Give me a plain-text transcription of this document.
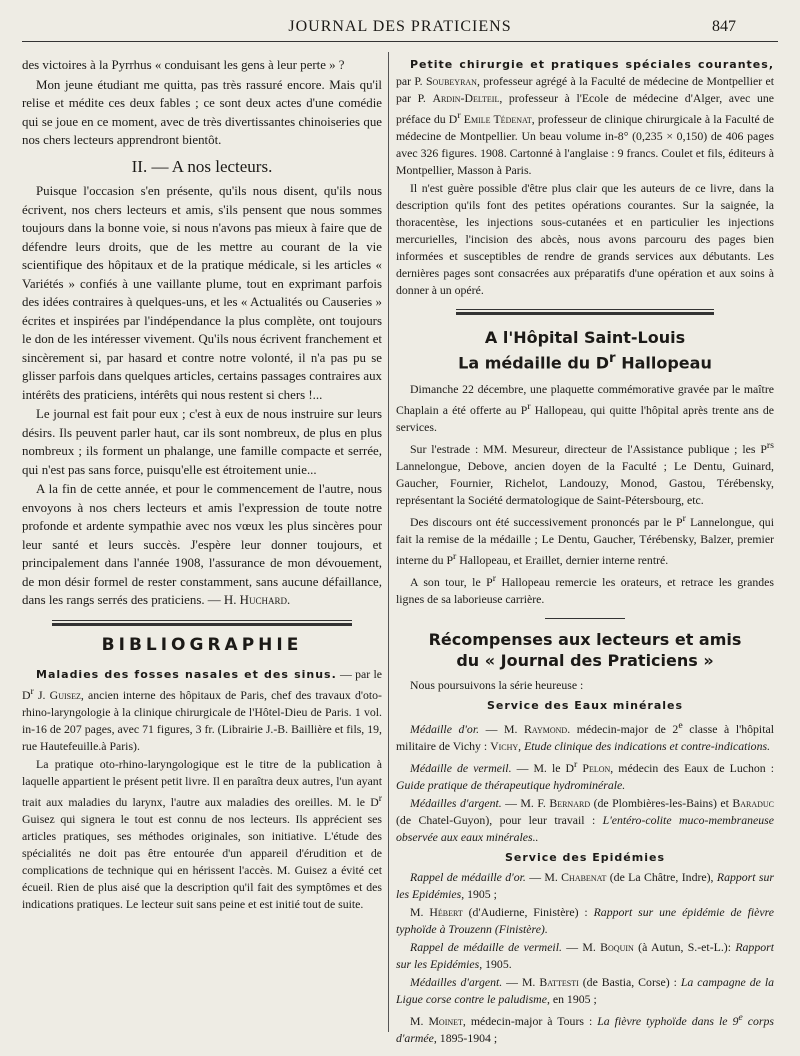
JOURNAL DES PRATICIENS	847

des victoires à la Pyrrhus « conduisant les gens à leur perte » ?

Mon jeune étudiant me quitta, pas très rassuré encore. Mais qu'il relise et médite ces deux fables ; ce sont deux actes d'une comédie qui se joue en ce moment, avec de très divertissantes chinoiseries que nos chers lecteurs apprendront bientôt.

II. — A nos lecteurs.

Puisque l'occasion s'en présente, qu'ils nous disent, qu'ils nous écrivent, nos chers lecteurs et amis, s'ils pensent que nous sommes toujours dans la bonne voie, si nous n'avons pas mieux à faire que de défendre leurs droits, que de les mettre au courant de la vie scientifique des hôpitaux et de la pratique médicale, si les articles « Variétés » confiés à une vaillante plume, tout en exprimant parfois des idées contraires à quelques-uns, et les « Actualités ou Causeries » écrites et inspirées par l'indépendance la plus complète, ont toujours le don de les intéresser vivement. Qu'ils nous écrivent franchement et sincèrement si, par hasard et contre notre volonté, il n'a pas pu se glisser parfois dans quelques articles, certains passages contraires aux intérêts des praticiens, intérêts qui nous restent si chers !...

Le journal est fait pour eux ; c'est à eux de nous instruire sur leurs désirs. Ils peuvent parler haut, car ils sont nombreux, de plus en plus nombreux ; ils forment un phalange, une famille compacte et serrée, qui n'est pas sans force, puisqu'elle est étroitement unie...

A la fin de cette année, et pour le commencement de l'autre, nous envoyons à nos chers lecteurs et amis l'expression de toute notre profonde et ardente sympathie avec nos vœux les plus sincères pour leur santé et leurs succès. J'espère leur donner toujours, et principalement dans l'année 1908, l'assurance de mon dévouement, de mon désir formel de rester constamment, sans aucune défaillance, dans les rangs serrés des praticiens. — H. Huchard.

BIBLIOGRAPHIE

Maladies des fosses nasales et des sinus. — par le $D^r$ J. Guisez, ancien interne des hôpitaux de Paris, chef des travaux d'oto-rhino-laryngologie à la clinique chirurgicale de l'Hôtel-Dieu de Paris. 1 vol. in-16 de 207 pages, avec 71 figures, 3 fr. (Librairie J.-B. Baillière et fils, 19, rue Hautefeuille.à Paris).

La pratique oto-rhino-laryngologique est le titre de la publication à laquelle appartient le présent petit livre. Il en paraîtra deux autres, l'un ayant trait aux maladies du larynx, l'autre aux maladies des oreilles. M. le $D^r$ Guisez qui signera le tout est connu de nos lecteurs. Ils apprécient ses articles pratiques, ses méthodes originales, son initiative. L'étude des spécialités ne doit pas être entourée d'un appareil d'érudition et de complications de technique qui en hérissent l'accès. M. Guisez a évité cet écueil. Rien de plus aisé que la description qu'il fait des symptômes et des indications pratiques. Le lecteur suit sans peine et est initié tout de suite.

Petite chirurgie et pratiques spéciales courantes, par P. Soubeyran, professeur agrégé à la Faculté de médecine de Montpellier et par P. Ardin-Delteil, professeur à l'Ecole de médecine d'Alger, avec une préface du $D^r$ Emile Tédenat, professeur de clinique chirurgicale à la Faculté de médecine de Montpellier. Un beau volume in-8° (0,235 × 0,150) de 406 pages avec 326 figures. 1908. Cartonné à l'anglaise : 9 francs. Coulet et fils, éditeurs à Montpellier, Masson à Paris.

Il n'est guère possible d'être plus clair que les auteurs de ce livre, dans la description qu'ils font des petites opérations courantes. Sur la saignée, la thoracentèse, les injections sous-cutanées et en particulier les injections mercurielles, l'incision des abcès, nous avons parcouru des pages bien informées et susceptibles de rendre de grands services aux débutants. Les dernières pages sont consacrées aux préparatifs d'une opération et aux soins à donner à un opéré.

A l'Hôpital Saint-Louis
La médaille du $D^r$ Hallopeau

Dimanche 22 décembre, une plaquette commémorative gravée par le maître Chaplain a été offerte au $P^r$ Hallopeau, qui quitte l'hôpital après trente ans de services.

Sur l'estrade : MM. Mesureur, directeur de l'Assistance publique ; les $P^{rs}$ Lannelongue, Debove, ancien doyen de la Faculté ; Le Dentu, Guinard, Gaucher, Fournier, Richelot, Landouzy, Monod, Gastou, Térébensky, représentant la Société dermatologique de Saint-Pétersbourg, etc.

Des discours ont été successivement prononcés par le $P^r$ Lannelongue, qui fait la remise de la médaille ; Le Dentu, Gaucher, Térébensky, Balzer, premier interne du $P^r$ Hallopeau, et Eraillet, dernier interne rentré.

A son tour, le $P^r$ Hallopeau remercie les orateurs, et retrace les grandes lignes de sa laborieuse carrière.

Récompenses aux lecteurs et amis
du « Journal des Praticiens »

Nous poursuivons la série heureuse :

Service des Eaux minérales

Médaille d'or. — M. Raymond. médecin-major de 2e classe à l'hôpital militaire de Vichy : Vichy, Etude clinique des indications et contre-indications.

Médaille de vermeil. — M. le $D^r$ Pelon, médecin des Eaux de Luchon : Guide pratique de thérapeutique hydrominérale.

Médailles d'argent. — M. F. Bernard (de Plombières-les-Bains) et Baraduc (de Chatel-Guyon), pour leur travail : L'entéro-colite muco-membraneuse observée aux eaux minérales..

Service des Epidémies

Rappel de médaille d'or. — M. Chabenat (de La Châtre, Indre), Rapport sur les Epidémies, 1905 ;

M. Hébert (d'Audierne, Finistère) : Rapport sur une épidémie de fièvre typhoïde à Trouzenn (Finistère).

Rappel de médaille de vermeil. — M. Boquin (à Autun, S.-et-L.): Rapport sur les Epidémies, 1905.

Médailles d'argent. — M. Battesti (de Bastia, Corse) : La campagne de la Ligue corse contre le paludisme, en 1905 ;

M. Moinet, médecin-major à Tours : La fièvre typhoïde dans le 9e corps d'armée, 1895-1904 ;
